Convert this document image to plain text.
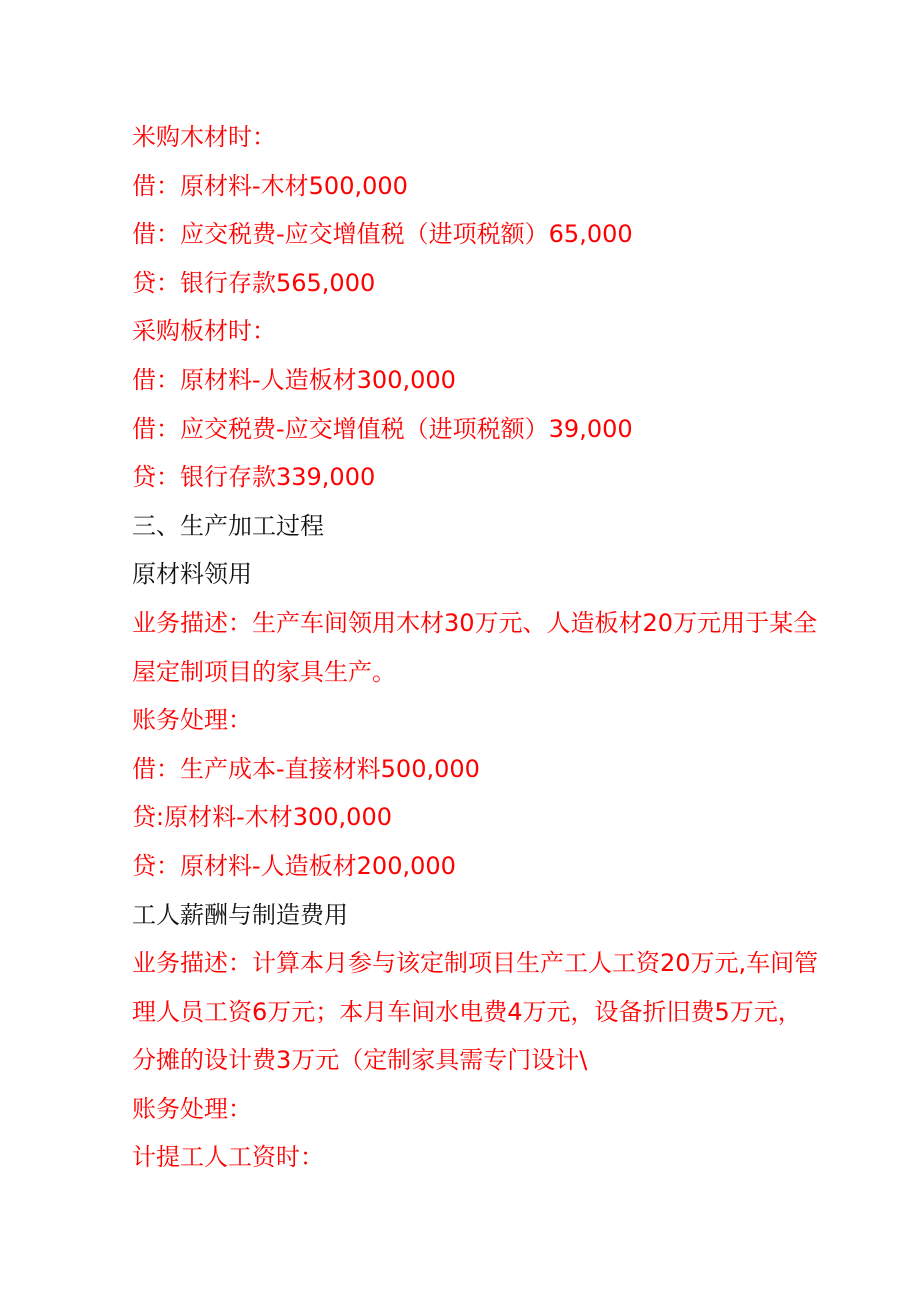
米购木材时：
借：原材料-木材500,000
借：应交税费-应交增值税（进项税额）65,000
贷：银行存款565,000
采购板材时：
借：原材料-人造板材300,000
借：应交税费-应交增值税（进项税额）39,000
贷：银行存款339,000
三、生产加工过程
原材料领用
业务描述：生产车间领用木材30万元、人造板材20万元用于某全
屋定制项目的家具生产。
账务处理：
借：生产成本-直接材料500,000
贷:原材料-木材300,000
贷：原材料-人造板材200,000
工人薪酬与制造费用
业务描述：计算本月参与该定制项目生产工人工资20万元,车间管
理人员工资6万元；本月车间水电费4万元，设备折旧费5万元，
分摊的设计费3万元（定制家具需专门设计\
账务处理：
计提工人工资时：
